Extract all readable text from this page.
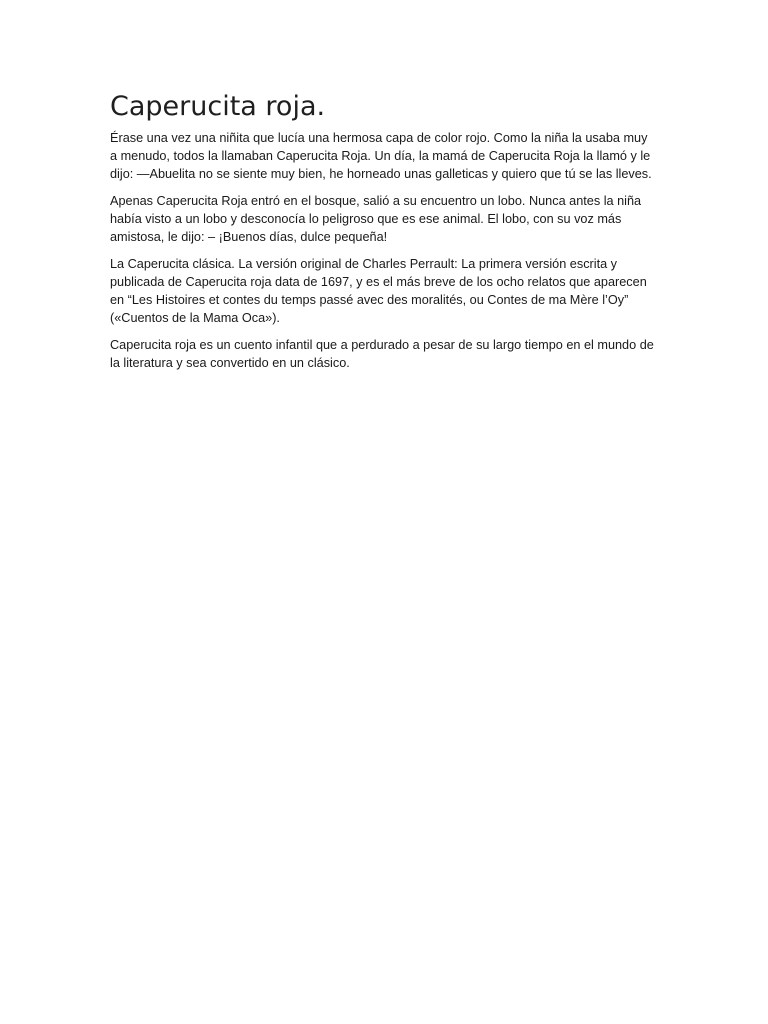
Caperucita roja.

Érase una vez una niñita que lucía una hermosa capa de color rojo. Como la niña la usaba muy a menudo, todos la llamaban Caperucita Roja. Un día, la mamá de Caperucita Roja la llamó y le dijo: —Abuelita no se siente muy bien, he horneado unas galleticas y quiero que tú se las lleves.

Apenas Caperucita Roja entró en el bosque, salió a su encuentro un lobo. Nunca antes la niña había visto a un lobo y desconocía lo peligroso que es ese animal. El lobo, con su voz más amistosa, le dijo: – ¡Buenos días, dulce pequeña!

La Caperucita clásica. La versión original de Charles Perrault: La primera versión escrita y publicada de Caperucita roja data de 1697, y es el más breve de los ocho relatos que aparecen en “Les Histoires et contes du temps passé avec des moralités, ou Contes de ma Mère l’Oy” («Cuentos de la Mama Oca»).

Caperucita roja es un cuento infantil que a perdurado a pesar de su largo tiempo en el mundo de la literatura y sea convertido en un clásico.
